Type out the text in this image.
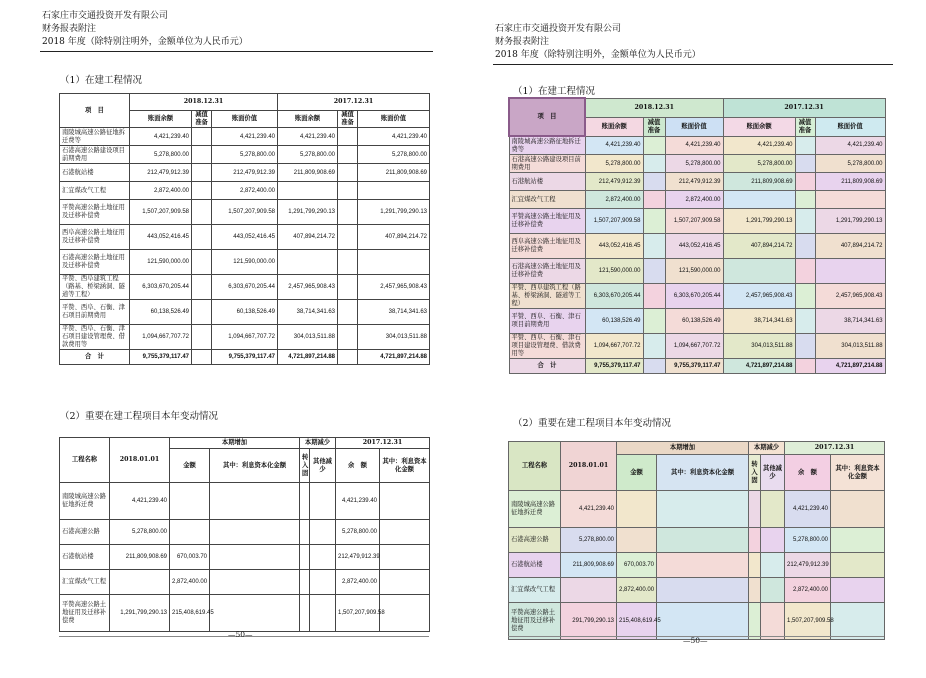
石家庄市交通投资开发有限公司
财务报表附注
2018 年度（除特别注明外，金额单位为人民币元）
（1）在建工程情况
项　目	2018.12.31			2017.12.31		
	账面余额	减值准备	账面价值	账面余额	减值准备	账面价值
南陵城高速公路征地拆迁费等	4,421,239.40		4,421,239.40	4,421,239.40		4,421,239.40
石港高速公路建设项目前期费用	5,278,800.00		5,278,800.00	5,278,800.00		5,278,800.00
石港航站楼	212,479,912.39		212,479,912.39	211,809,908.69		211,809,908.69
汇宜煤改气工程	2,872,400.00		2,872,400.00			
平赞高速公路土地征用及迁移补偿费	1,507,207,909.58		1,507,207,909.58	1,291,799,290.13		1,291,799,290.13
西阜高速公路土地征用及迁移补偿费	443,052,416.45		443,052,416.45	407,894,214.72		407,894,214.72
石港高速公路土地征用及迁移补偿费	121,590,000.00		121,590,000.00			
平赞、西阜建筑工程（路基、桥梁涵洞、隧道等工程）	6,303,670,205.44		6,303,670,205.44	2,457,965,908.43		2,457,965,908.43
平赞、西阜、石衡、津石项目前期费用	60,138,526.49		60,138,526.49	38,714,341.63		38,714,341.63
平赞、西阜、石衡、津石项目建设管理费、借款费用等	1,094,667,707.72		1,094,667,707.72	304,013,511.88		304,013,511.88
合　计	9,755,379,117.47		9,755,379,117.47	4,721,897,214.88		4,721,897,214.88
（2）重要在建工程项目本年变动情况
工程名称	2018.01.01	本期增加		本期减少		2017.12.31	
		金额	其中：利息资本化金额	转入固	其他减少	余　额	其中：利息资本化金额
南陵城高速公路征地拆迁费	4,421,239.40					4,421,239.40	
石港高速公路	5,278,800.00					5,278,800.00	
石港航站楼	211,809,908.69	670,003.70				212,479,912.39	
汇宜煤改气工程		2,872,400.00				2,872,400.00	
平赞高速公路土地征用及迁移补偿费	1,291,799,290.13	215,408,619.45				1,507,207,909.58	
—50—
石家庄市交通投资开发有限公司
财务报表附注
2018 年度（除特别注明外，金额单位为人民币元）
（1）在建工程情况
项　目	2018.12.31			2017.12.31		
	账面余额	减值准备	账面价值	账面余额	减值准备	账面价值
南陵城高速公路征地拆迁费等	4,421,239.40		4,421,239.40	4,421,239.40		4,421,239.40
石港高速公路建设项目前期费用	5,278,800.00		5,278,800.00	5,278,800.00		5,278,800.00
石港航站楼	212,479,912.39		212,479,912.39	211,809,908.69		211,809,908.69
汇宜煤改气工程	2,872,400.00		2,872,400.00			
平赞高速公路土地征用及迁移补偿费	1,507,207,909.58		1,507,207,909.58	1,291,799,290.13		1,291,799,290.13
西阜高速公路土地征用及迁移补偿费	443,052,416.45		443,052,416.45	407,894,214.72		407,894,214.72
石港高速公路土地征用及迁移补偿费	121,590,000.00		121,590,000.00			
平赞、西阜建筑工程（路基、桥梁涵洞、隧道等工程）	6,303,670,205.44		6,303,670,205.44	2,457,965,908.43		2,457,965,908.43
平赞、西阜、石衡、津石项目前期费用	60,138,526.49		60,138,526.49	38,714,341.63		38,714,341.63
平赞、西阜、石衡、津石项目建设管理费、借款费用等	1,094,667,707.72		1,094,667,707.72	304,013,511.88		304,013,511.88
合　计	9,755,379,117.47		9,755,379,117.47	4,721,897,214.88		4,721,897,214.88
（2）重要在建工程项目本年变动情况
工程名称	2018.01.01	本期增加		本期减少		2017.12.31	
		金额	其中：利息资本化金额	转入固	其他减少	余　额	其中：利息资本化金额
南陵城高速公路征地拆迁费	4,421,239.40					4,421,239.40	
石港高速公路	5,278,800.00					5,278,800.00	
石港航站楼	211,809,908.69	670,003.70				212,479,912.39	
汇宜煤改气工程		2,872,400.00				2,872,400.00	
平赞高速公路土地征用及迁移补偿费	291,799,290.13	215,408,619.45				1,507,207,909.58	
—50—
